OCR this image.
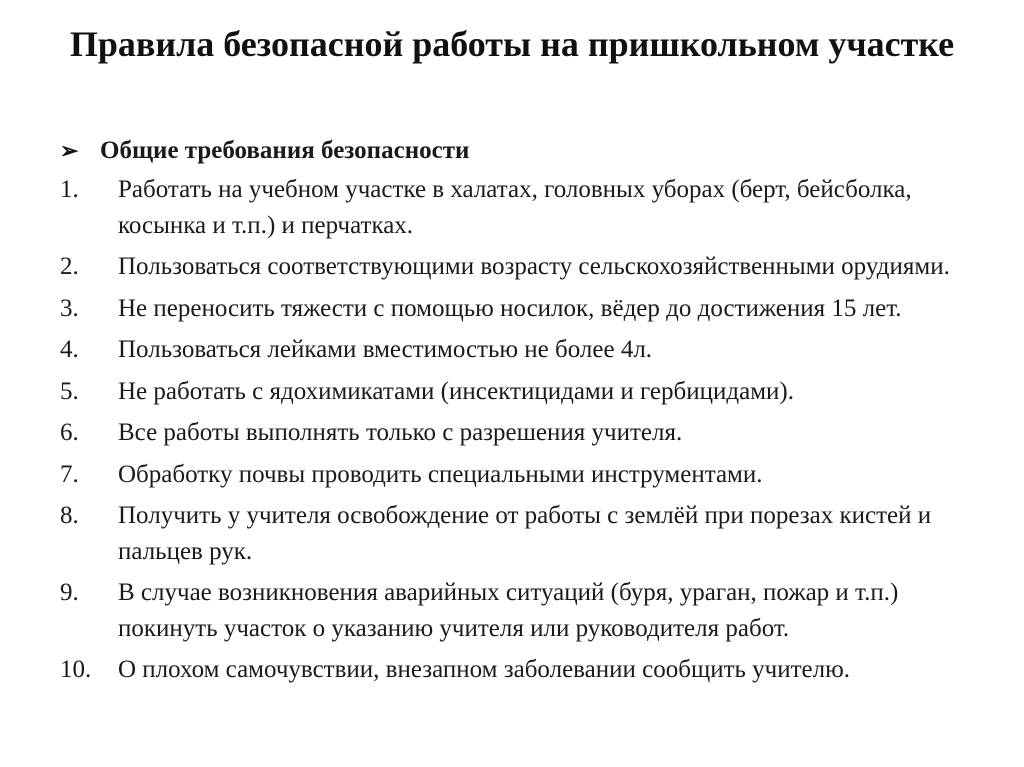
Правила безопасной работы на пришкольном участке
➢ Общие требования безопасности
1.	Работать на учебном участке в халатах, головных уборах (берт, бейсболка, косынка и т.п.) и перчатках.
2.	Пользоваться соответствующими возрасту сельскохозяйственными орудиями.
3.	Не переносить тяжести с помощью носилок, вёдер до достижения 15 лет.
4.	Пользоваться лейками вместимостью не более 4л.
5.	Не работать с ядохимикатами (инсектицидами и гербицидами).
6.	Все работы выполнять только с разрешения учителя.
7.	Обработку почвы проводить специальными инструментами.
8.	Получить у учителя освобождение от работы с землёй при порезах кистей и пальцев рук.
9.	В случае возникновения аварийных ситуаций (буря, ураган, пожар и т.п.) покинуть участок о указанию учителя или руководителя работ.
10.	О плохом самочувствии, внезапном заболевании сообщить учителю.
